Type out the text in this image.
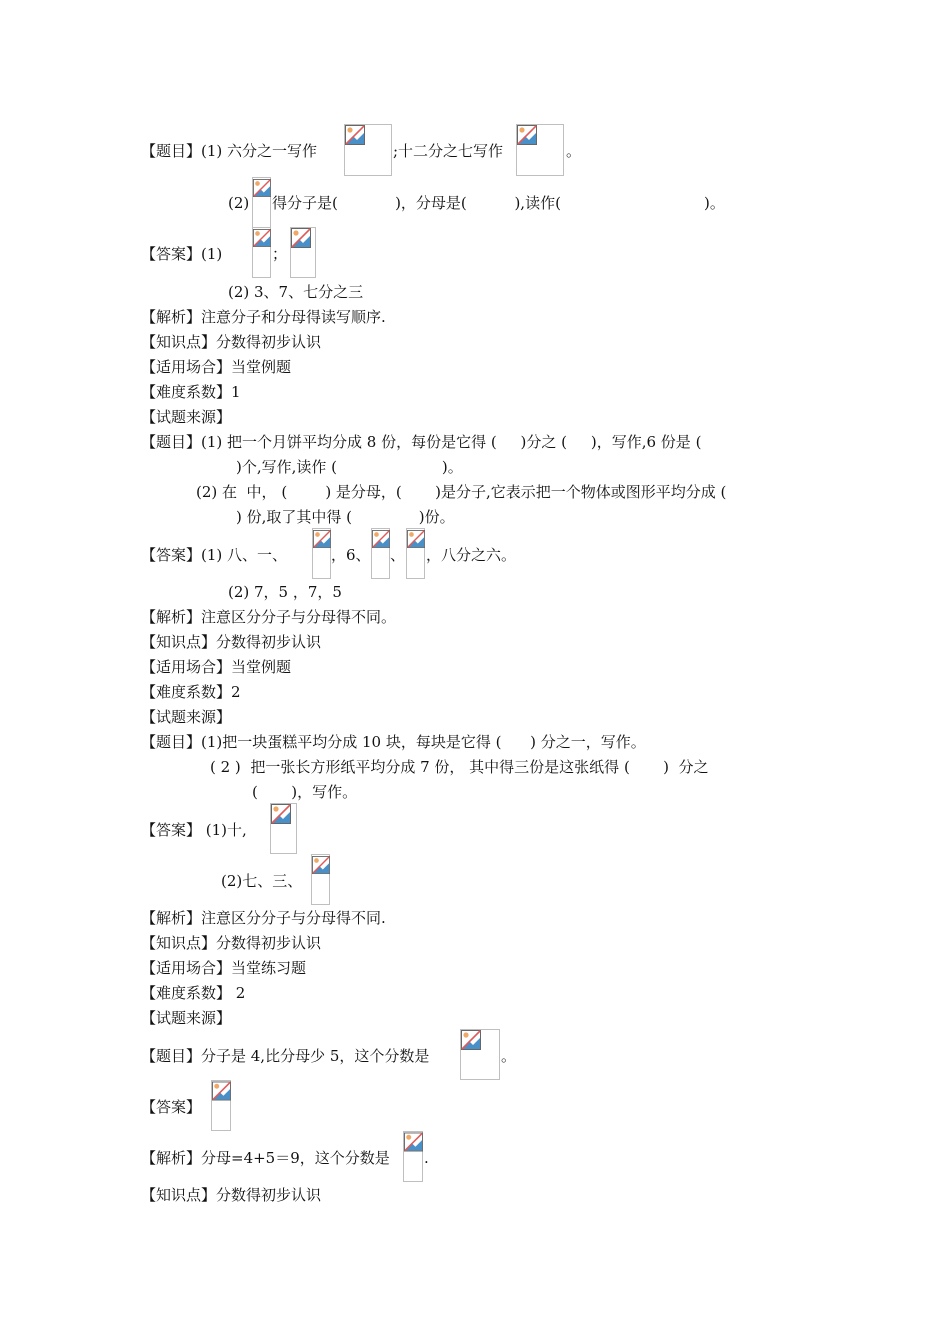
【题目】(1) 六分之一写作	;十二分之七写作	。
(2) 得分子是(            )，分母是(          ),读作(                              )。
【答案】(1)	；
(2) 3、7、七分之三
【解析】注意分子和分母得读写顺序.
【知识点】分数得初步认识
【适用场合】当堂例题
【难度系数】1
【试题来源】
【题目】(1) 把一个月饼平均分成 8 份，每份是它得 (     )分之 (     )，写作,6 份是 (
)个,写作,读作 (                      )。
(2) 在  中， (        ) 是分母，(       )是分子,它表示把一个物体或图形平均分成 (
) 份,取了其中得 (              )份。
【答案】(1) 八、一、	，6、 、 ，八分之六。
(2) 7，5 ，7，5
【解析】注意区分分子与分母得不同。
【知识点】分数得初步认识
【适用场合】当堂例题
【难度系数】2
【试题来源】
【题目】(1)把一块蛋糕平均分成 10 块，每块是它得 (      ) 分之一，写作。
( 2 )  把一张长方形纸平均分成 7 份， 其中得三份是这张纸得 (       )  分之
(       )，写作。
【答案】 (1)十,
(2)七、三、
【解析】注意区分分子与分母得不同.
【知识点】分数得初步认识
【适用场合】当堂练习题
【难度系数】 2
【试题来源】
【题目】分子是 4,比分母少 5，这个分数是	。
【答案】
【解析】分母=4+5＝9，这个分数是 .
【知识点】分数得初步认识
